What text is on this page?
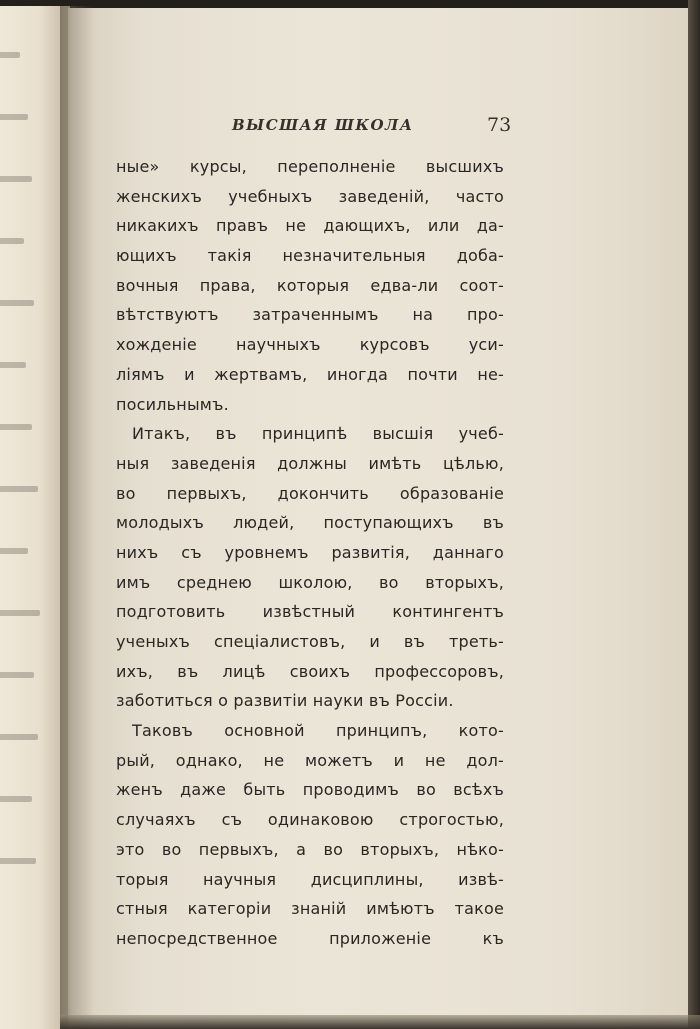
ВЫСШАЯ ШКОЛА	73
ные» курсы, переполненіе высшихъ
женскихъ учебныхъ заведеній, часто
никакихъ правъ не дающихъ, или да-
ющихъ такія незначительныя доба-
вочныя права, которыя едва-ли соот-
вѣтствуютъ затраченнымъ на про-
хожденіе научныхъ курсовъ уси-
ліямъ и жертвамъ, иногда почти не-
посильнымъ.
Итакъ, въ принципѣ высшія учеб-
ныя заведенія должны имѣть цѣлью,
во первыхъ, докончить образованіе
молодыхъ людей, поступающихъ въ
нихъ съ уровнемъ развитія, даннаго
имъ среднею школою, во вторыхъ,
подготовить извѣстный контингентъ
ученыхъ спеціалистовъ, и въ треть-
ихъ, въ лицѣ своихъ профессоровъ,
заботиться о развитіи науки въ Россіи.
Таковъ основной принципъ, кото-
рый, однако, не можетъ и не дол-
женъ даже быть проводимъ во всѣхъ
случаяхъ съ одинаковою строгостью,
это во первыхъ, а во вторыхъ, нѣко-
торыя научныя дисциплины, извѣ-
стныя категоріи знаній имѣютъ такое
непосредственное приложеніе къ
